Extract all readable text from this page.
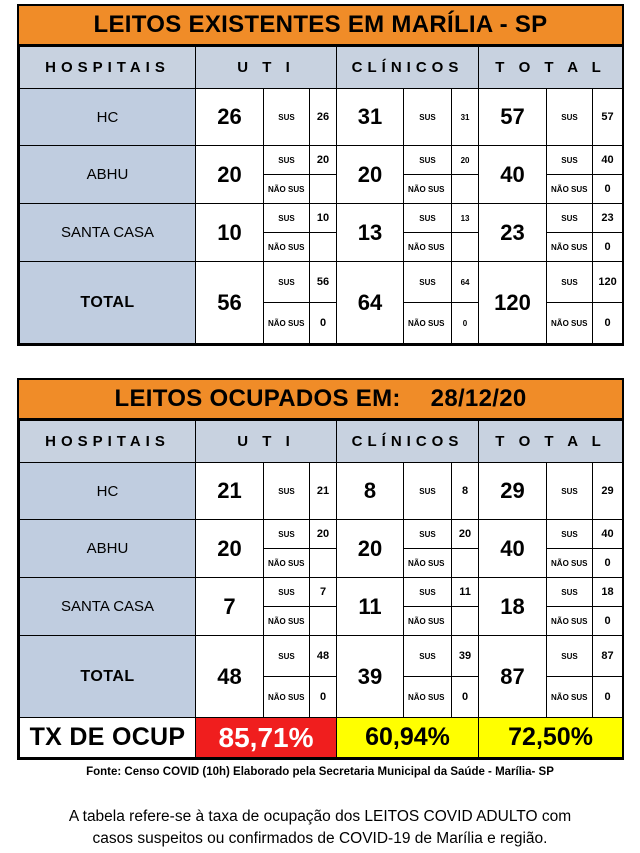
LEITOS EXISTENTES EM MARÍLIA - SP
HOSPITAIS	U T I			CLÍNICOS			T O T A L		
HC	26	SUS	26	31	SUS	31	57	SUS	57

ABHU	20	SUS	20	20	SUS	20	40	SUS	40
		NÃO SUS			NÃO SUS			NÃO SUS	0
SANTA CASA	10	SUS	10	13	SUS	13	23	SUS	23
		NÃO SUS			NÃO SUS			NÃO SUS	0
TOTAL	56	SUS	56	64	SUS	64	120	SUS	120
		NÃO SUS	0		NÃO SUS	0		NÃO SUS	0
LEITOS OCUPADOS EM: 28/12/20
HOSPITAIS	U T I			CLÍNICOS			T O T A L		
HC	21	SUS	21	8	SUS	8	29	SUS	29

ABHU	20	SUS	20	20	SUS	20	40	SUS	40
		NÃO SUS			NÃO SUS			NÃO SUS	0
SANTA CASA	7	SUS	7	11	SUS	11	18	SUS	18
		NÃO SUS			NÃO SUS			NÃO SUS	0
TOTAL	48	SUS	48	39	SUS	39	87	SUS	87
		NÃO SUS	0		NÃO SUS	0		NÃO SUS	0
TX DE OCUP	85,71%			60,94%			72,50%		
Fonte: Censo COVID (10h) Elaborado pela Secretaria Municipal da Saúde - Marília- SP
A tabela refere-se à taxa de ocupação dos LEITOS COVID ADULTO com
casos suspeitos ou confirmados de COVID-19 de Marília e região.
